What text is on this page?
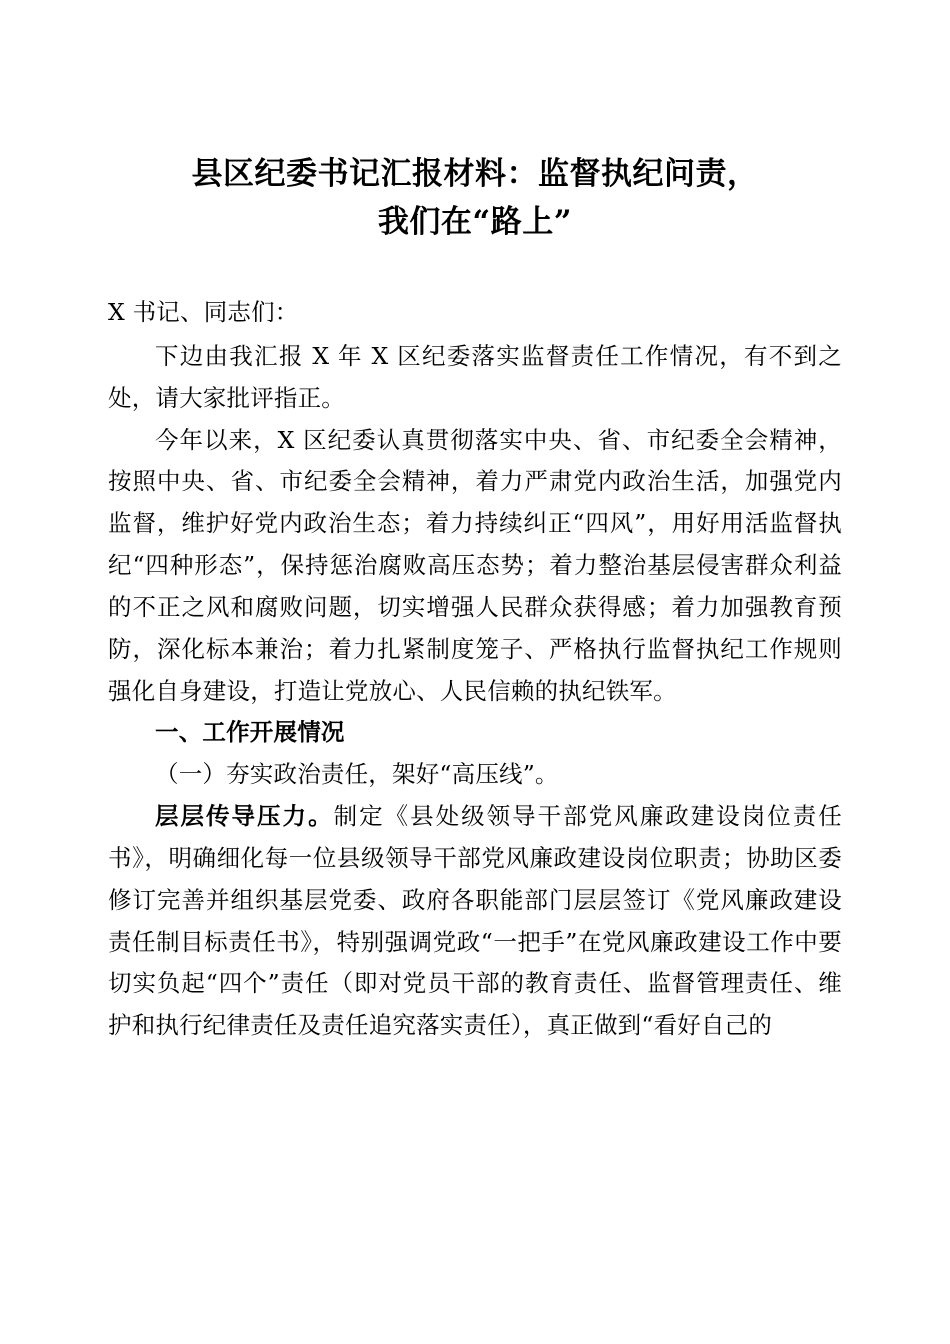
县区纪委书记汇报材料：监督执纪问责，
我们在“路上”

X 书记、同志们：

下边由我汇报 X 年 X 区纪委落实监督责任工作情况，有不到之处，请大家批评指正。

今年以来，X 区纪委认真贯彻落实中央、省、市纪委全会精神，按照中央、省、市纪委全会精神，着力严肃党内政治生活，加强党内监督，维护好党内政治生态；着力持续纠正“四风”，用好用活监督执纪“四种形态”，保持惩治腐败高压态势；着力整治基层侵害群众利益的不正之风和腐败问题，切实增强人民群众获得感；着力加强教育预防，深化标本兼治；着力扎紧制度笼子、严格执行监督执纪工作规则强化自身建设，打造让党放心、人民信赖的执纪铁军。

一、工作开展情况

（一）夯实政治责任，架好“高压线”。

层层传导压力。制定《县处级领导干部党风廉政建设岗位责任书》，明确细化每一位县级领导干部党风廉政建设岗位职责；协助区委修订完善并组织基层党委、政府各职能部门层层签订《党风廉政建设责任制目标责任书》，特别强调党政“一把手”在党风廉政建设工作中要切实负起“四个”责任（即对党员干部的教育责任、监督管理责任、维护和执行纪律责任及责任追究落实责任），真正做到“看好自己的
